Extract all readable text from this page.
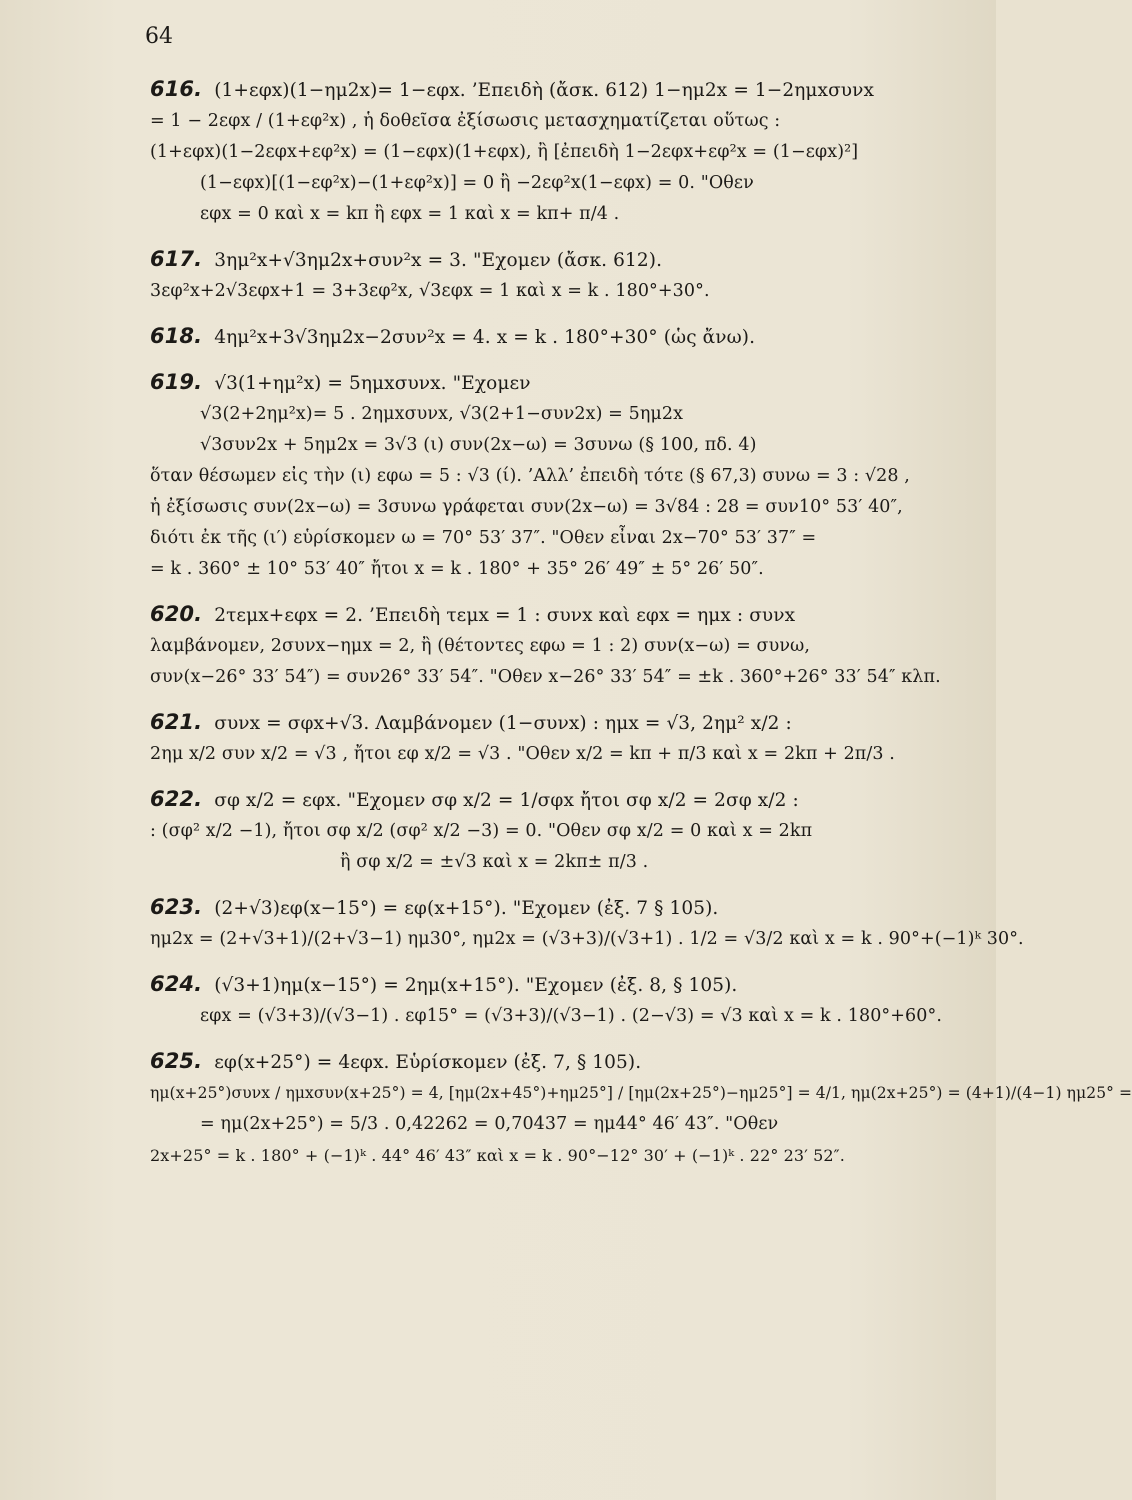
64
616. (1+εφx)(1−ημ2x)= 1−εφx. ’Επειδὴ (ἄσκ. 612) 1−ημ2x = 1−2ημxσυνx
= 1 − 2εφx / (1+εφ²x) , ἡ δοθεῖσα ἐξίσωσις μετασχηματίζεται οὕτως :
(1+εφx)(1−2εφx+εφ²x) = (1−εφx)(1+εφx), ἢ [ἐπειδὴ 1−2εφx+εφ²x = (1−εφx)²]
(1−εφx)[(1−εφ²x)−(1+εφ²x)] = 0 ἢ −2εφ²x(1−εφx) = 0. "Οθεν
εφx = 0 καὶ x = kπ ἢ εφx = 1 καὶ x = kπ+ π/4 .
617. 3ημ²x+√3ημ2x+συν²x = 3. "Εχομεν (ἄσκ. 612).
3εφ²x+2√3εφx+1 = 3+3εφ²x, √3εφx = 1 καὶ x = k . 180°+30°.
618. 4ημ²x+3√3ημ2x−2συν²x = 4. x = k . 180°+30° (ὡς ἄνω).
619. √3(1+ημ²x) = 5ημxσυνx. "Εχομεν
√3(2+2ημ²x)= 5 . 2ημxσυνx, √3(2+1−συν2x) = 5ημ2x
√3συν2x + 5ημ2x = 3√3 (ι) συν(2x−ω) = 3συνω (§ 100, πδ. 4)
ὅταν θέσωμεν εἰς τὴν (ι) εφω = 5 : √3 (ί). ’Αλλ’ ἐπειδὴ τότε (§ 67,3) συνω = 3 : √28 ,
ἡ ἐξίσωσις συν(2x−ω) = 3συνω γράφεται συν(2x−ω) = 3√84 : 28 = συν10° 53′ 40″,
διότι ἐκ τῆς (ι′) εὑρίσκομεν ω = 70° 53′ 37″. "Οθεν εἶναι 2x−70° 53′ 37″ =
= k . 360° ± 10° 53′ 40″ ἤτοι x = k . 180° + 35° 26′ 49″ ± 5° 26′ 50″.
620. 2τεμx+εφx = 2. ’Επειδὴ τεμx = 1 : συνx καὶ εφx = ημx : συνx
λαμβάνομεν, 2συνx−ημx = 2, ἢ (θέτοντες εφω = 1 : 2) συν(x−ω) = συνω,
συν(x−26° 33′ 54″) = συν26° 33′ 54″. "Οθεν x−26° 33′ 54″ = ±k . 360°+26° 33′ 54″ κλπ.
621. συνx = σφx+√3. Λαμβάνομεν (1−συνx) : ημx = √3, 2ημ² x/2 :
2ημ x/2 συν x/2 = √3 , ἤτοι εφ x/2 = √3 . "Οθεν x/2 = kπ + π/3 καὶ x = 2kπ + 2π/3 .
622. σφ x/2 = εφx. "Εχομεν σφ x/2 = 1/σφx ἤτοι σφ x/2 = 2σφ x/2 :
: (σφ² x/2 −1), ἤτοι σφ x/2 (σφ² x/2 −3) = 0. "Οθεν σφ x/2 = 0 καὶ x = 2kπ
ἢ σφ x/2 = ±√3 καὶ x = 2kπ± π/3 .
623. (2+√3)εφ(x−15°) = εφ(x+15°). "Εχομεν (ἐξ. 7 § 105).
ημ2x = (2+√3+1)/(2+√3−1) ημ30°, ημ2x = (√3+3)/(√3+1) . 1/2 = √3/2 καὶ x = k . 90°+(−1)ᵏ 30°.
624. (√3+1)ημ(x−15°) = 2ημ(x+15°). "Εχομεν (ἐξ. 8, § 105).
εφx = (√3+3)/(√3−1) . εφ15° = (√3+3)/(√3−1) . (2−√3) = √3 καὶ x = k . 180°+60°.
625. εφ(x+25°) = 4εφx. Εὑρίσκομεν (ἐξ. 7, § 105).
ημ(x+25°)συνx / ημxσυν(x+25°) = 4, [ημ(2x+45°)+ημ25°] / [ημ(2x+25°)−ημ25°] = 4/1, ημ(2x+25°) = (4+1)/(4−1) ημ25° =
= ημ(2x+25°) = 5/3 . 0,42262 = 0,70437 = ημ44° 46′ 43″. "Οθεν
2x+25° = k . 180° + (−1)ᵏ . 44° 46′ 43″ καὶ x = k . 90°−12° 30′ + (−1)ᵏ . 22° 23′ 52″.
